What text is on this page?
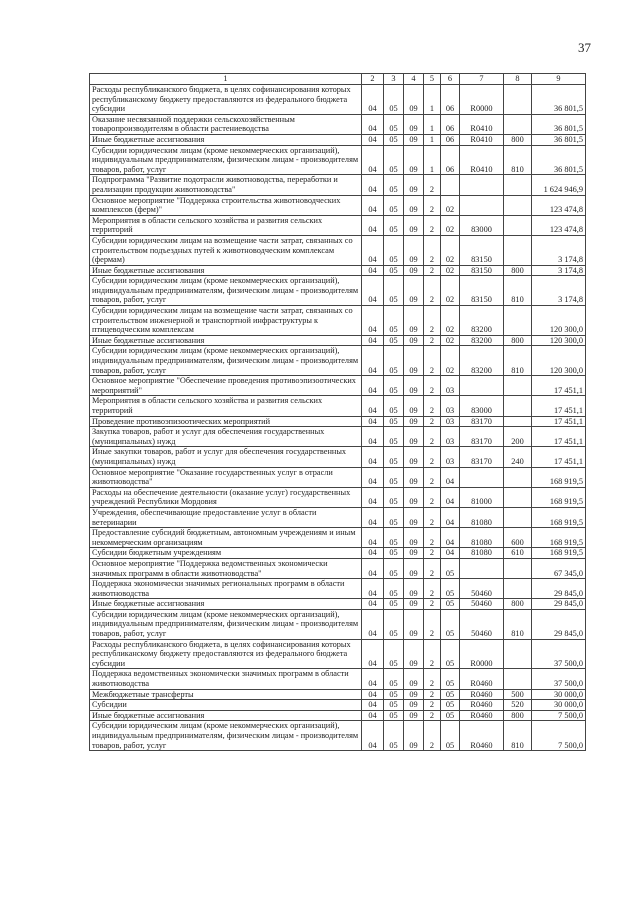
37
1	2	3	4	5	6	7	8	9
Расходы республиканского бюджета, в целях софинансирования которых республиканскому бюджету предоставляются из федерального бюджета субсидии	04	05	09	1	06	R0000		36 801,5
Оказание несвязанной поддержки сельскохозяйственным товаропроизводителям в области растениеводства	04	05	09	1	06	R0410		36 801,5
Иные бюджетные ассигнования	04	05	09	1	06	R0410	800	36 801,5
Субсидии юридическим лицам (кроме некоммерческих организаций), индивидуальным предпринимателям, физическим лицам - производителям товаров, работ, услуг	04	05	09	1	06	R0410	810	36 801,5
Подпрограмма "Развитие подотрасли животноводства, переработки и реализации продукции животноводства"	04	05	09	2				1 624 946,9
Основное мероприятие "Поддержка строительства животноводческих комплексов (ферм)"	04	05	09	2	02			123 474,8
Мероприятия в области сельского хозяйства и развития сельских территорий	04	05	09	2	02	83000		123 474,8
Субсидии юридическим лицам на возмещение части затрат, связанных со строительством подъездных путей к животноводческим комплексам (фермам)	04	05	09	2	02	83150		3 174,8
Иные бюджетные ассигнования	04	05	09	2	02	83150	800	3 174,8
Субсидии юридическим лицам (кроме некоммерческих организаций), индивидуальным предпринимателям, физическим лицам - производителям товаров, работ, услуг	04	05	09	2	02	83150	810	3 174,8
Субсидии юридическим лицам на возмещение части затрат, связанных со строительством инженерной и транспортной инфраструктуры к птицеводческим комплексам	04	05	09	2	02	83200		120 300,0
Иные бюджетные ассигнования	04	05	09	2	02	83200	800	120 300,0
Субсидии юридическим лицам (кроме некоммерческих организаций), индивидуальным предпринимателям, физическим лицам - производителям товаров, работ, услуг	04	05	09	2	02	83200	810	120 300,0
Основное мероприятие "Обеспечение проведения противоэпизоотических мероприятий"	04	05	09	2	03			17 451,1
Мероприятия в области сельского хозяйства и развития сельских территорий	04	05	09	2	03	83000		17 451,1
Проведение противоэпизоотических мероприятий	04	05	09	2	03	83170		17 451,1
Закупка товаров, работ и услуг для обеспечения государственных (муниципальных) нужд	04	05	09	2	03	83170	200	17 451,1
Иные закупки товаров, работ и услуг для обеспечения государственных (муниципальных) нужд	04	05	09	2	03	83170	240	17 451,1
Основное мероприятие "Оказание государственных услуг в отрасли животноводства"	04	05	09	2	04			168 919,5
Расходы на обеспечение деятельности (оказание услуг) государственных учреждений Республики Мордовия	04	05	09	2	04	81000		168 919,5
Учреждения, обеспечивающие предоставление услуг в области ветеринарии	04	05	09	2	04	81080		168 919,5
Предоставление субсидий бюджетным, автономным учреждениям и иным некоммерческим организациям	04	05	09	2	04	81080	600	168 919,5
Субсидии бюджетным учреждениям	04	05	09	2	04	81080	610	168 919,5
Основное мероприятие "Поддержка ведомственных экономически значимых программ в области животноводства"	04	05	09	2	05			67 345,0
Поддержка экономически значимых региональных программ в области животноводства	04	05	09	2	05	50460		29 845,0
Иные бюджетные ассигнования	04	05	09	2	05	50460	800	29 845,0
Субсидии юридическим лицам (кроме некоммерческих организаций), индивидуальным предпринимателям, физическим лицам - производителям товаров, работ, услуг	04	05	09	2	05	50460	810	29 845,0
Расходы республиканского бюджета, в целях софинансирования которых республиканскому бюджету предоставляются из федерального бюджета субсидии	04	05	09	2	05	R0000		37 500,0
Поддержка ведомственных экономически значимых программ в области животноводства	04	05	09	2	05	R0460		37 500,0
Межбюджетные трансферты	04	05	09	2	05	R0460	500	30 000,0
Субсидии	04	05	09	2	05	R0460	520	30 000,0
Иные бюджетные ассигнования	04	05	09	2	05	R0460	800	7 500,0
Субсидии юридическим лицам (кроме некоммерческих организаций), индивидуальным предпринимателям, физическим лицам - производителям товаров, работ, услуг	04	05	09	2	05	R0460	810	7 500,0
